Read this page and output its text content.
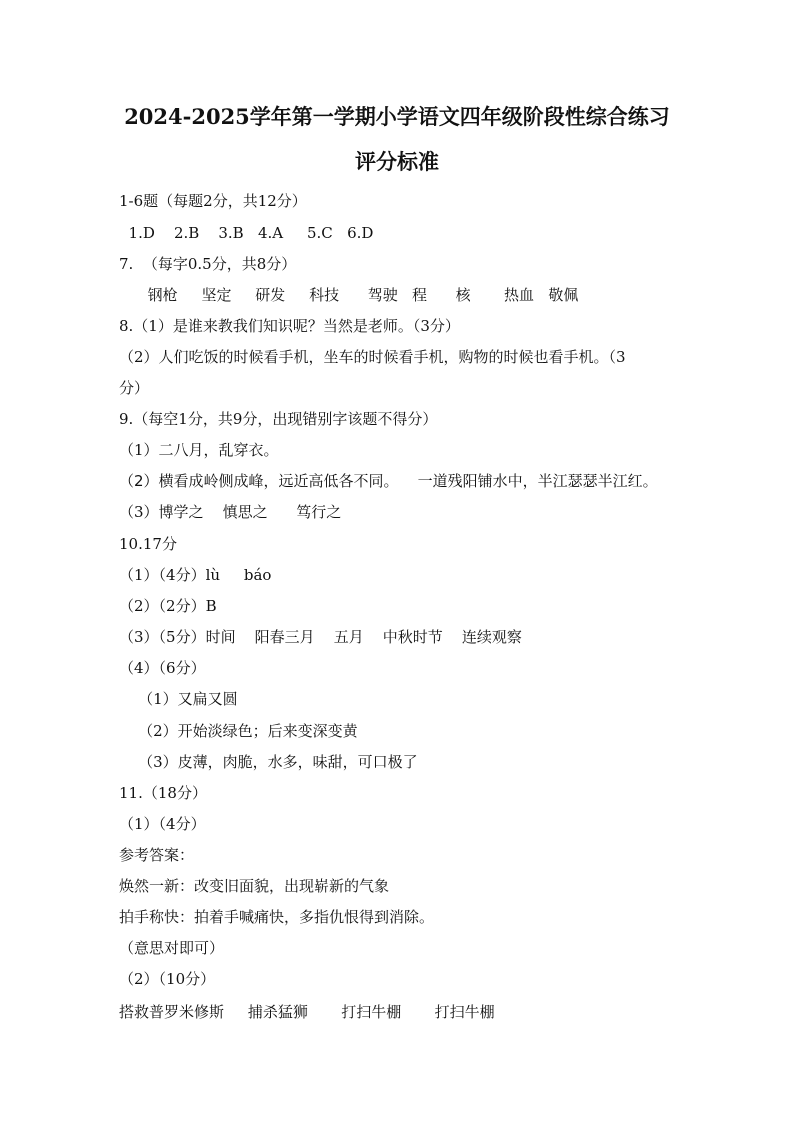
2024-2025学年第一学期小学语文四年级阶段性综合练习
评分标准
1-6题（每题2分，共12分）
1.D    2.B    3.B   4.A     5.C   6.D
7.  （每字0.5分，共8分）
钢枪     坚定     研发     科技      驾驶   程      核       热血   敬佩
8.（1）是谁来教我们知识呢？当然是老师。（3分）
（2）人们吃饭的时候看手机，坐车的时候看手机，购物的时候也看手机。（3
分）
9.（每空1分，共9分，出现错别字该题不得分）
（1）二八月，乱穿衣。
（2）横看成岭侧成峰，远近高低各不同。    一道残阳铺水中，半江瑟瑟半江红。
（3）博学之    慎思之      笃行之
10.17分
（1）（4分）lù     báo
（2）（2分）B
（3）（5分）时间    阳春三月    五月    中秋时节    连续观察
（4）（6分）
（1）又扁又圆
（2）开始淡绿色；后来变深变黄
（3）皮薄，肉脆，水多，味甜，可口极了
11.（18分）
（1）（4分）
参考答案：
焕然一新：改变旧面貌，出现崭新的气象
拍手称快：拍着手喊痛快，多指仇恨得到消除。
（意思对即可）
（2）（10分）
搭救普罗米修斯     捕杀猛狮       打扫牛棚       打扫牛棚
